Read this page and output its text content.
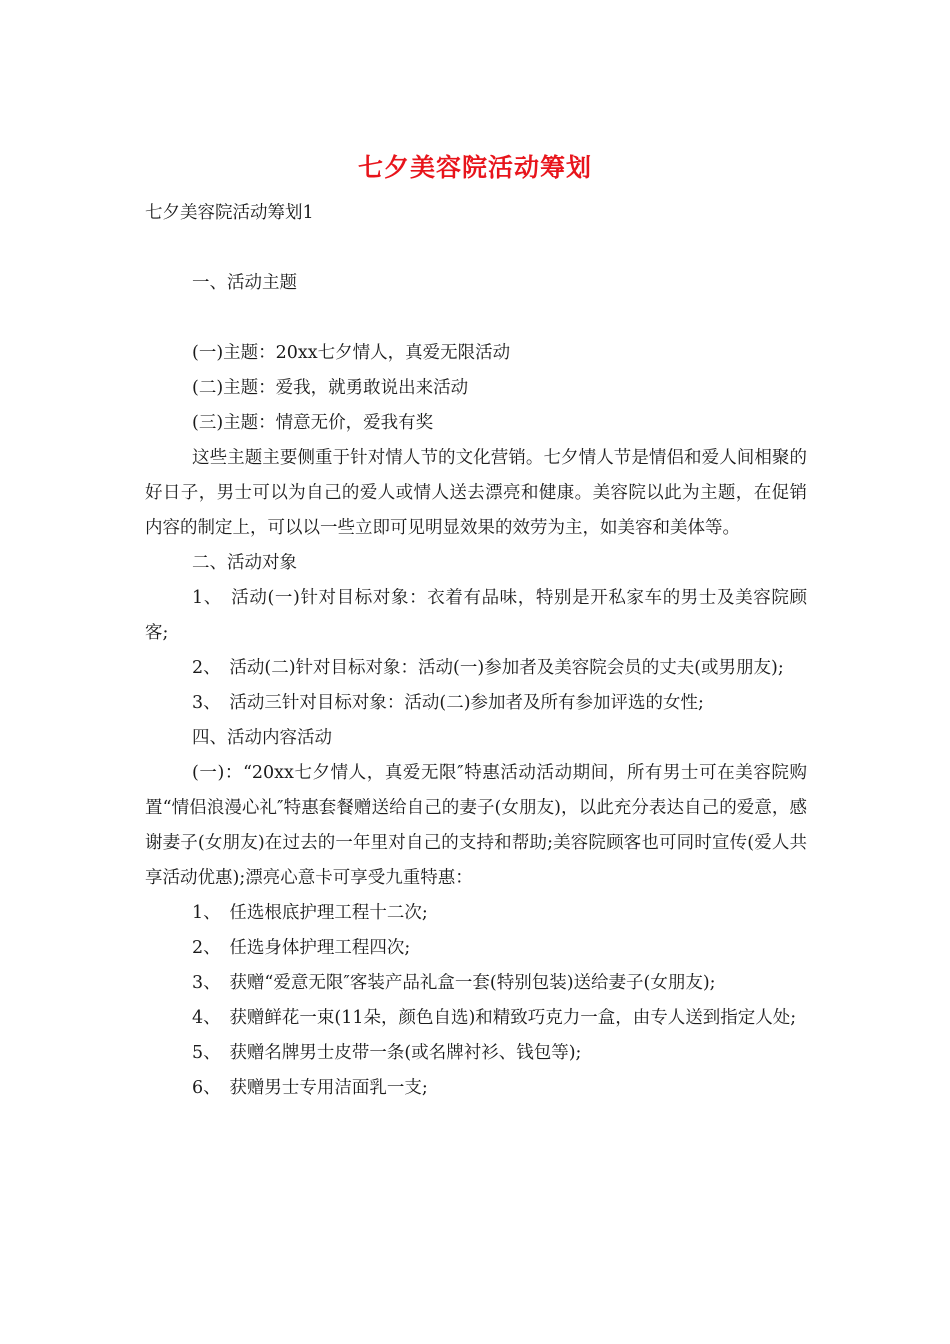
七夕美容院活动筹划

七夕美容院活动筹划1

一、活动主题

(一)主题：20xx七夕情人，真爱无限活动

(二)主题：爱我，就勇敢说出来活动

(三)主题：情意无价，爱我有奖

这些主题主要侧重于针对情人节的文化营销。七夕情人节是情侣和爱人间相聚的好日子，男士可以为自己的爱人或情人送去漂亮和健康。美容院以此为主题，在促销内容的制定上，可以以一些立即可见明显效果的效劳为主，如美容和美体等。

二、活动对象

1、　活动(一)针对目标对象：衣着有品味，特别是开私家车的男士及美容院顾客;

2、　活动(二)针对目标对象：活动(一)参加者及美容院会员的丈夫(或男朋友);

3、　活动三针对目标对象：活动(二)参加者及所有参加评选的女性;

四、活动内容活动

(一)：“20xx七夕情人，真爱无限″特惠活动活动期间，所有男士可在美容院购置“情侣浪漫心礼″特惠套餐赠送给自己的妻子(女朋友)，以此充分表达自己的爱意，感谢妻子(女朋友)在过去的一年里对自己的支持和帮助;美容院顾客也可同时宣传(爱人共享活动优惠);漂亮心意卡可享受九重特惠：

1、　任选根底护理工程十二次;

2、　任选身体护理工程四次;

3、　获赠“爱意无限″客装产品礼盒一套(特别包装)送给妻子(女朋友);

4、　获赠鲜花一束(11朵，颜色自选)和精致巧克力一盒，由专人送到指定人处;

5、　获赠名牌男士皮带一条(或名牌衬衫、钱包等);

6、　获赠男士专用洁面乳一支;
